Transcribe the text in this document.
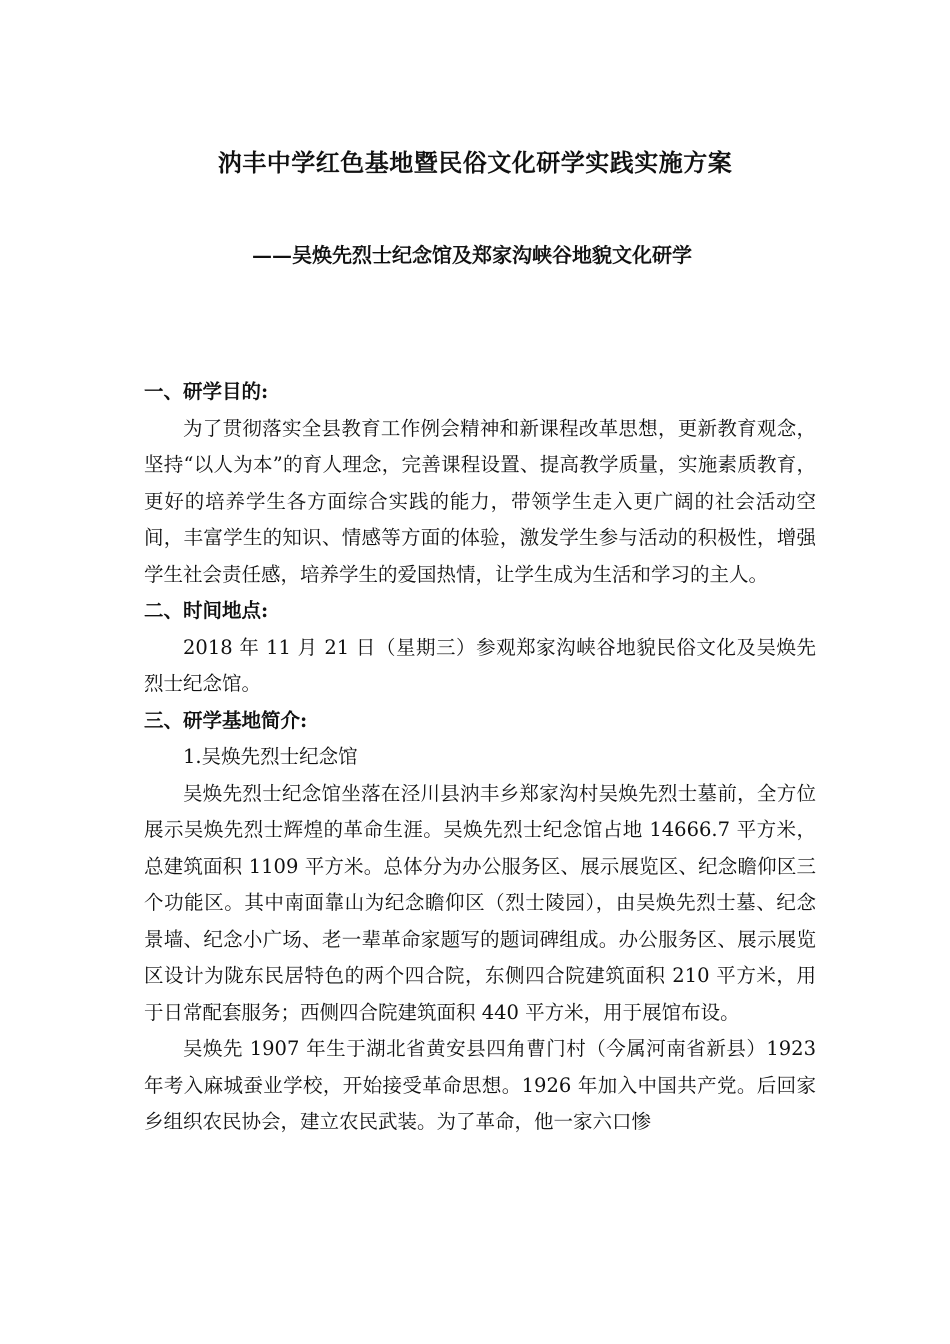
汭丰中学红色基地暨民俗文化研学实践实施方案
——吴焕先烈士纪念馆及郑家沟峡谷地貌文化研学

一、研学目的:

为了贯彻落实全县教育工作例会精神和新课程改革思想，更新教育观念，坚持“以人为本”的育人理念，完善课程设置、提高教学质量，实施素质教育，更好的培养学生各方面综合实践的能力，带领学生走入更广阔的社会活动空间，丰富学生的知识、情感等方面的体验，激发学生参与活动的积极性，增强学生社会责任感，培养学生的爱国热情，让学生成为生活和学习的主人。

二、时间地点:

2018 年 11 月 21 日（星期三）参观郑家沟峡谷地貌民俗文化及吴焕先烈士纪念馆。

三、研学基地简介:

1.吴焕先烈士纪念馆

吴焕先烈士纪念馆坐落在泾川县汭丰乡郑家沟村吴焕先烈士墓前，全方位展示吴焕先烈士辉煌的革命生涯。吴焕先烈士纪念馆占地 14666.7 平方米，总建筑面积 1109 平方米。总体分为办公服务区、展示展览区、纪念瞻仰区三个功能区。其中南面靠山为纪念瞻仰区（烈士陵园），由吴焕先烈士墓、纪念景墙、纪念小广场、老一辈革命家题写的题词碑组成。办公服务区、展示展览区设计为陇东民居特色的两个四合院，东侧四合院建筑面积 210 平方米，用于日常配套服务；西侧四合院建筑面积 440 平方米，用于展馆布设。

吴焕先 1907 年生于湖北省黄安县四角曹门村（今属河南省新县）1923 年考入麻城蚕业学校，开始接受革命思想。1926 年加入中国共产党。后回家乡组织农民协会，建立农民武装。为了革命，他一家六口惨
